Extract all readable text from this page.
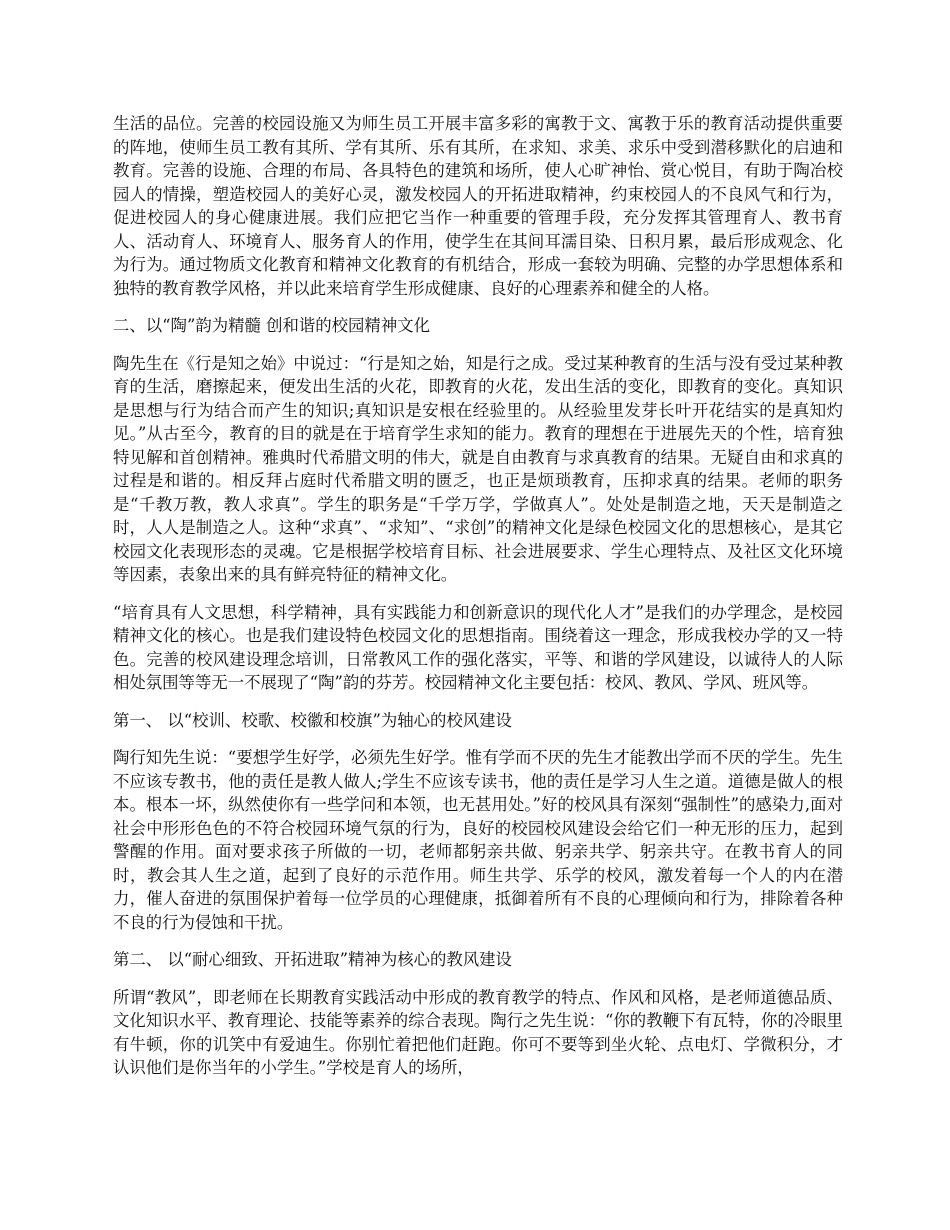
生活的品位。完善的校园设施又为师生员工开展丰富多彩的寓教于文、寓教于乐的教育活动提供重要的阵地，使师生员工教有其所、学有其所、乐有其所，在求知、求美、求乐中受到潜移默化的启迪和教育。完善的设施、合理的布局、各具特色的建筑和场所，使人心旷神怡、赏心悦目，有助于陶冶校园人的情操，塑造校园人的美好心灵，激发校园人的开拓进取精神，约束校园人的不良风气和行为，促进校园人的身心健康进展。我们应把它当作一种重要的管理手段，充分发挥其管理育人、教书育人、活动育人、环境育人、服务育人的作用，使学生在其间耳濡目染、日积月累，最后形成观念、化为行为。通过物质文化教育和精神文化教育的有机结合，形成一套较为明确、完整的办学思想体系和独特的教育教学风格，并以此来培育学生形成健康、良好的心理素养和健全的人格。

二、以“陶”韵为精髓 创和谐的校园精神文化

陶先生在《行是知之始》中说过：“行是知之始，知是行之成。受过某种教育的生活与没有受过某种教育的生活，磨擦起来，便发出生活的火花，即教育的火花，发出生活的变化，即教育的变化。真知识是思想与行为结合而产生的知识;真知识是安根在经验里的。从经验里发芽长叶开花结实的是真知灼见。”从古至今，教育的目的就是在于培育学生求知的能力。教育的理想在于进展先天的个性，培育独特见解和首创精神。雅典时代希腊文明的伟大，就是自由教育与求真教育的结果。无疑自由和求真的过程是和谐的。相反拜占庭时代希腊文明的匮乏，也正是烦琐教育，压抑求真的结果。老师的职务是“千教万教，教人求真”。学生的职务是“千学万学，学做真人”。处处是制造之地，天天是制造之时，人人是制造之人。这种“求真”、“求知”、“求创”的精神文化是绿色校园文化的思想核心，是其它校园文化表现形态的灵魂。它是根据学校培育目标、社会进展要求、学生心理特点、及社区文化环境等因素，表象出来的具有鲜亮特征的精神文化。

“培育具有人文思想，科学精神，具有实践能力和创新意识的现代化人才”是我们的办学理念，是校园精神文化的核心。也是我们建设特色校园文化的思想指南。围绕着这一理念，形成我校办学的又一特色。完善的校风建设理念培训，日常教风工作的强化落实，平等、和谐的学风建设，以诚待人的人际相处氛围等等无一不展现了“陶”韵的芬芳。校园精神文化主要包括：校风、教风、学风、班风等。

第一、 以“校训、校歌、校徽和校旗”为轴心的校风建设

陶行知先生说：“要想学生好学，必须先生好学。惟有学而不厌的先生才能教出学而不厌的学生。先生不应该专教书，他的责任是教人做人;学生不应该专读书，他的责任是学习人生之道。道德是做人的根本。根本一坏，纵然使你有一些学问和本领，也无甚用处。”好的校风具有深刻“强制性”的感染力,面对社会中形形色色的不符合校园环境气氛的行为，良好的校园校风建设会给它们一种无形的压力，起到警醒的作用。面对要求孩子所做的一切，老师都躬亲共做、躬亲共学、躬亲共守。在教书育人的同时，教会其人生之道，起到了良好的示范作用。师生共学、乐学的校风，激发着每一个人的内在潜力，催人奋进的氛围保护着每一位学员的心理健康，抵御着所有不良的心理倾向和行为，排除着各种不良的行为侵蚀和干扰。

第二、 以“耐心细致、开拓进取”精神为核心的教风建设

所谓“教风”，即老师在长期教育实践活动中形成的教育教学的特点、作风和风格，是老师道德品质、文化知识水平、教育理论、技能等素养的综合表现。陶行之先生说：“你的教鞭下有瓦特，你的冷眼里有牛顿，你的讥笑中有爱迪生。你别忙着把他们赶跑。你可不要等到坐火轮、点电灯、学微积分，才认识他们是你当年的小学生。”学校是育人的场所，
